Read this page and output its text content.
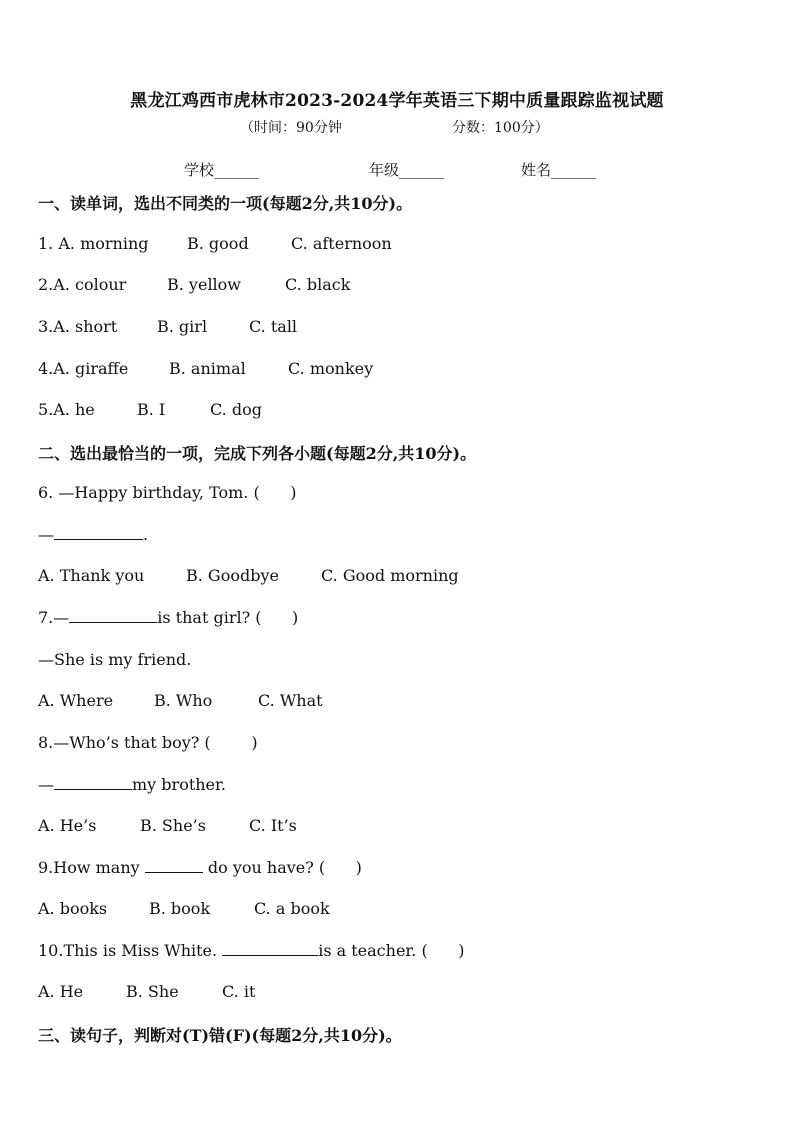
黑龙江鸡西市虎林市2023-2024学年英语三下期中质量跟踪监视试题
（时间：90分钟	分数：100分）
学校______	年级______	姓名______
一、读单词，选出不同类的一项(每题2分,共10分)。
1. A. morning B. good	C. afternoon
2.A. colour	B. yellow	C. black
3.A. short B. girl	C. tall
4.A. giraffe	B. animal	C. monkey
5.A. he	B. I	C. dog
二、选出最恰当的一项，完成下列各小题(每题2分,共10分)。
6. —Happy birthday, Tom. (      )
—	.
A. Thank you	B. Goodbye	C. Good morning
7.—	is that girl? (      )
—She is my friend.
A. Where	B. Who	C. What
8.—Who’s that boy? (        )
—	my brother.
A. He’s	B. She’s	C. It’s
9.How many	do you have? (      )
A. books	B. book	C. a book
10.This is Miss White.	is a teacher. (      )
A. He	B. She	C. it
三、读句子，判断对(T)错(F)(每题2分,共10分)。
